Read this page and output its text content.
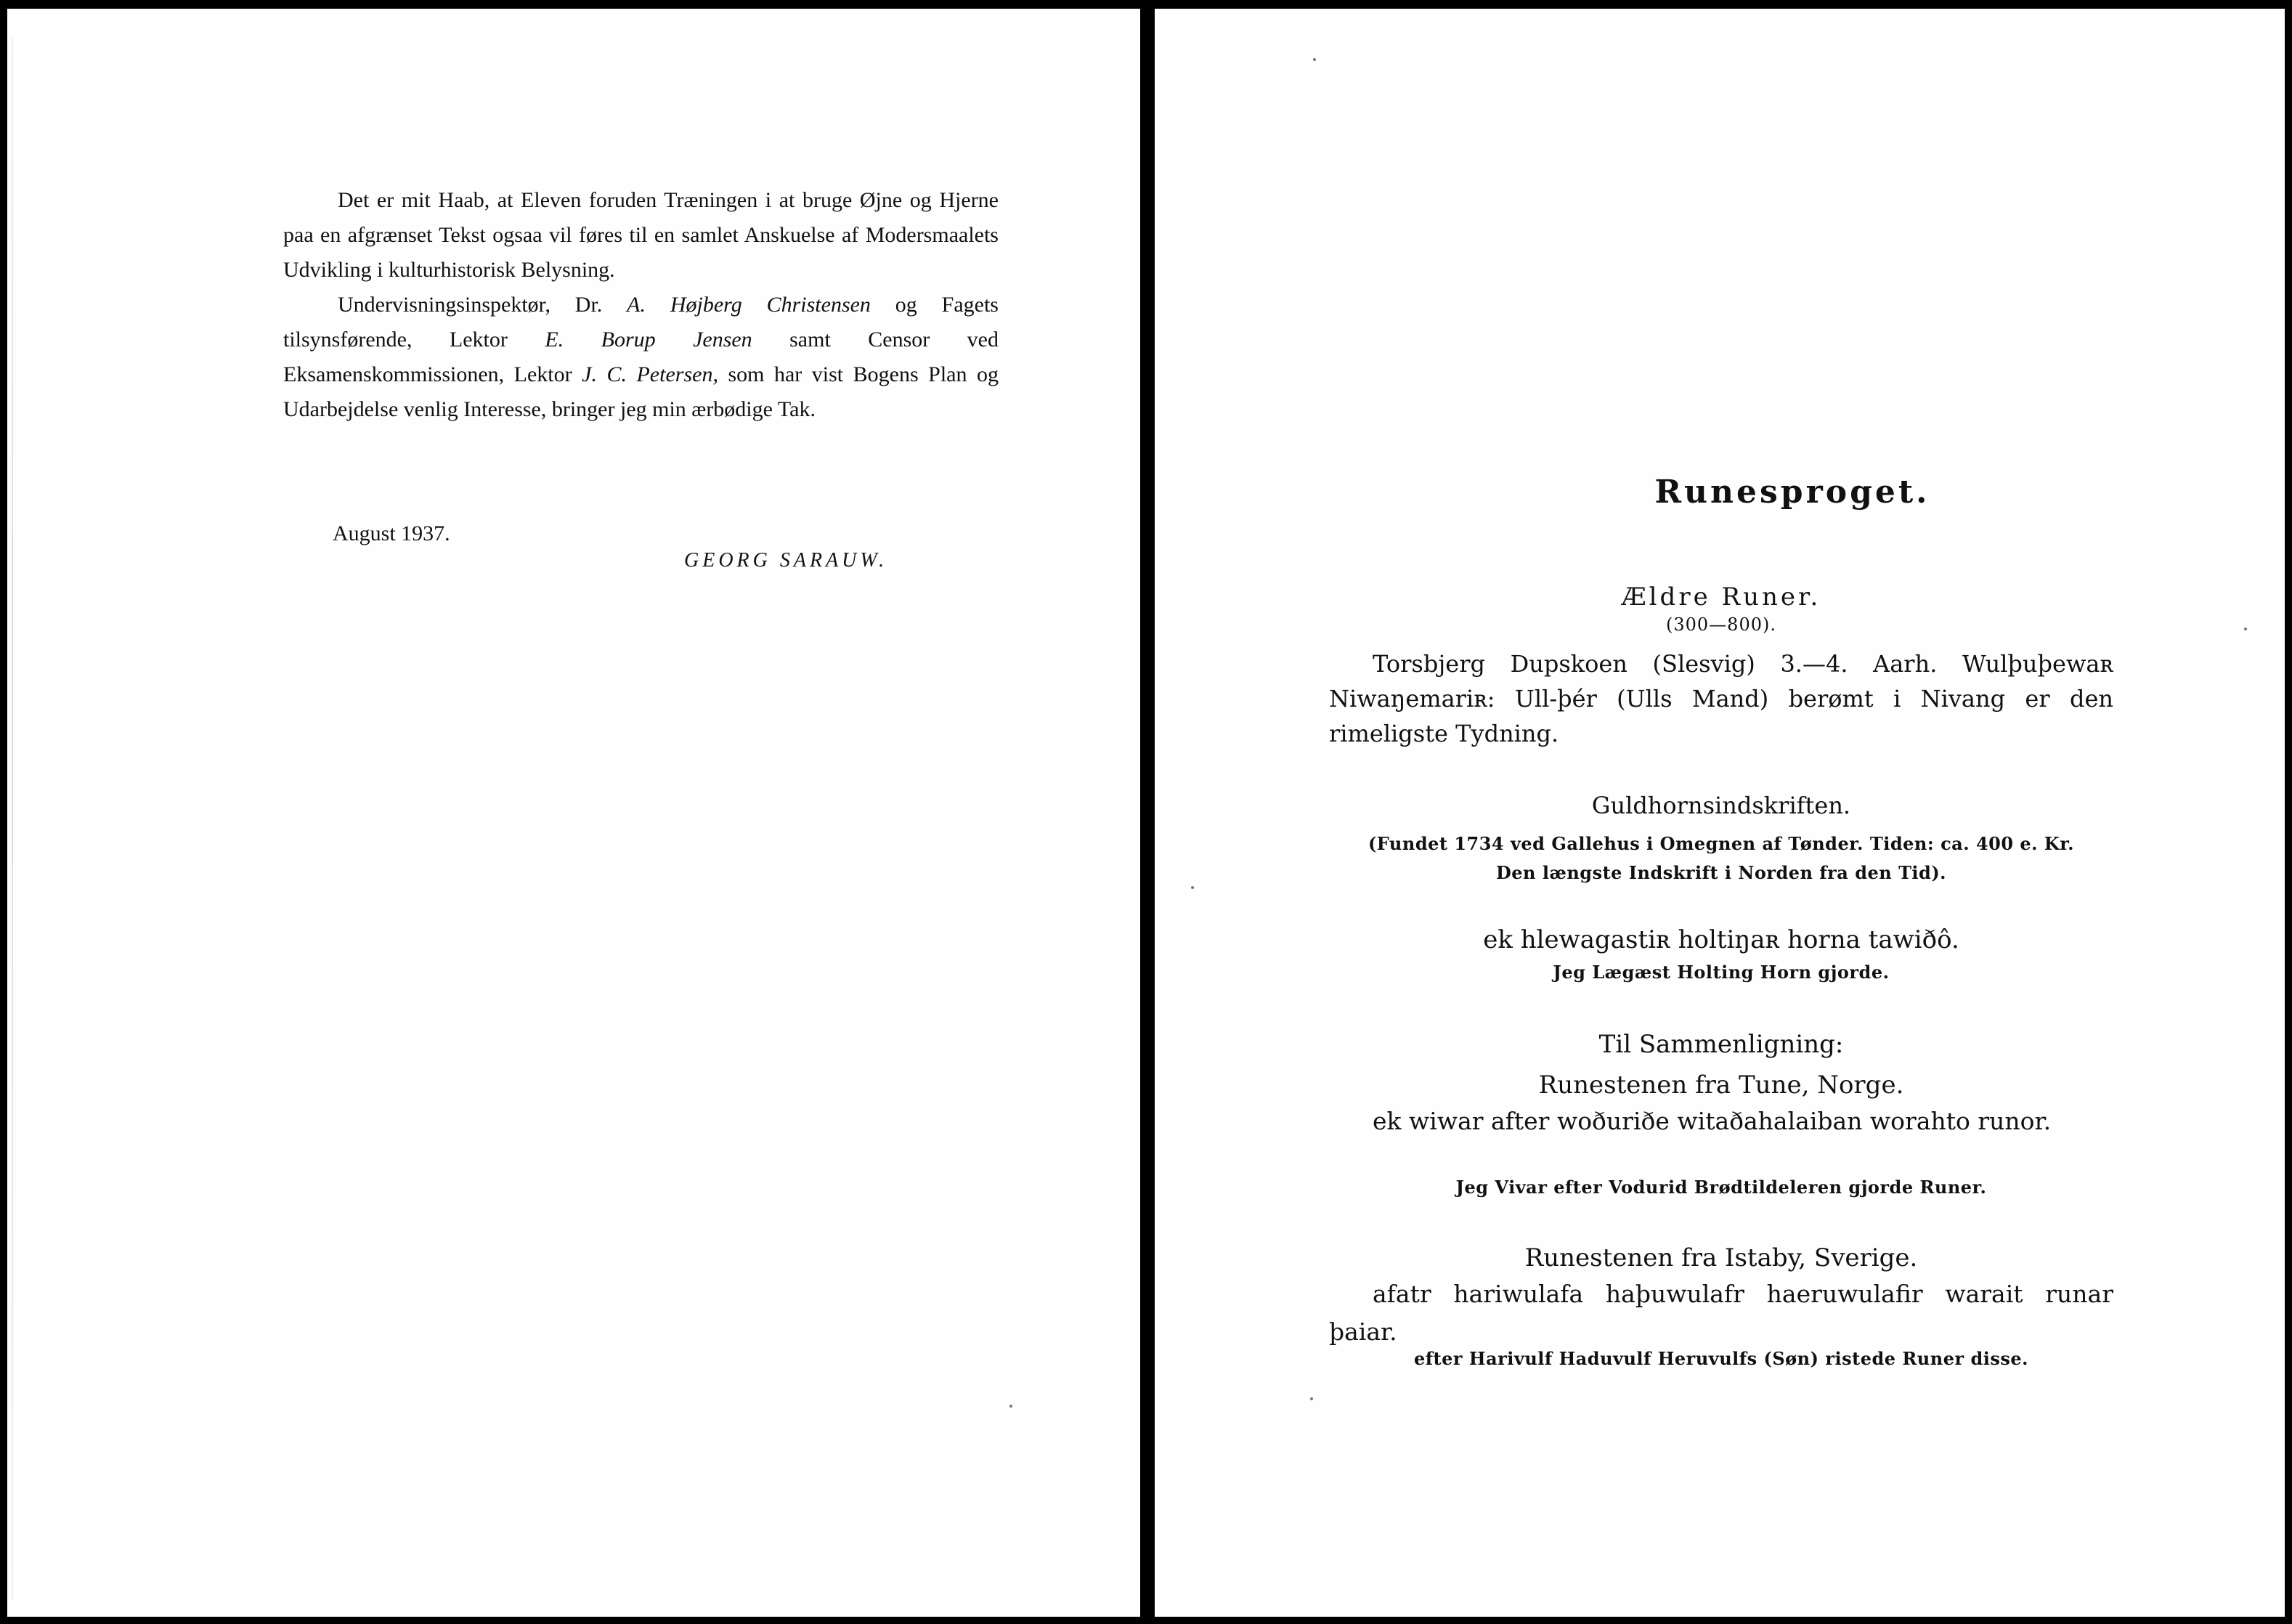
Det er mit Haab, at Eleven foruden Træningen i at bruge Øjne og Hjerne paa en afgrænset Tekst ogsaa vil føres til en samlet Anskuelse af Modersmaalets Udvikling i kulturhistorisk Belysning.

Undervisningsinspektør, Dr. A. Højberg Christensen og Fagets tilsynsførende, Lektor E. Borup Jensen samt Censor ved Eksamenskommissionen, Lektor J. C. Petersen, som har vist Bogens Plan og Udarbejdelse venlig Interesse, bringer jeg min ærbødige Tak.

August 1937.
GEORG SARAUW.
Runesproget.
Ældre Runer.
(300—800).

Torsbjerg Dupskoen (Slesvig) 3.—4. Aarh. Wulþuþewaʀ Niwaŋemariʀ: Ull-þér (Ulls Mand) berømt i Nivang er den rimeligste Tydning.

Guldhornsindskriften.
(Fundet 1734 ved Gallehus i Omegnen af Tønder. Tiden: ca. 400 e. Kr.
Den længste Indskrift i Norden fra den Tid).
ek hlewagastiʀ holtiŋaʀ horna tawiðô.
Jeg Lægæst Holting Horn gjorde.
Til Sammenligning:
Runestenen fra Tune, Norge.

ek wiwar after woðuriðe witaðahalaiban worahto runor.

Jeg Vivar efter Vodurid Brødtildeleren gjorde Runer.
Runestenen fra Istaby, Sverige.

afatr hariwulafa haþuwulafr haeruwulafir warait runar þaiar.

efter Harivulf Haduvulf Heruvulfs (Søn) ristede Runer disse.
